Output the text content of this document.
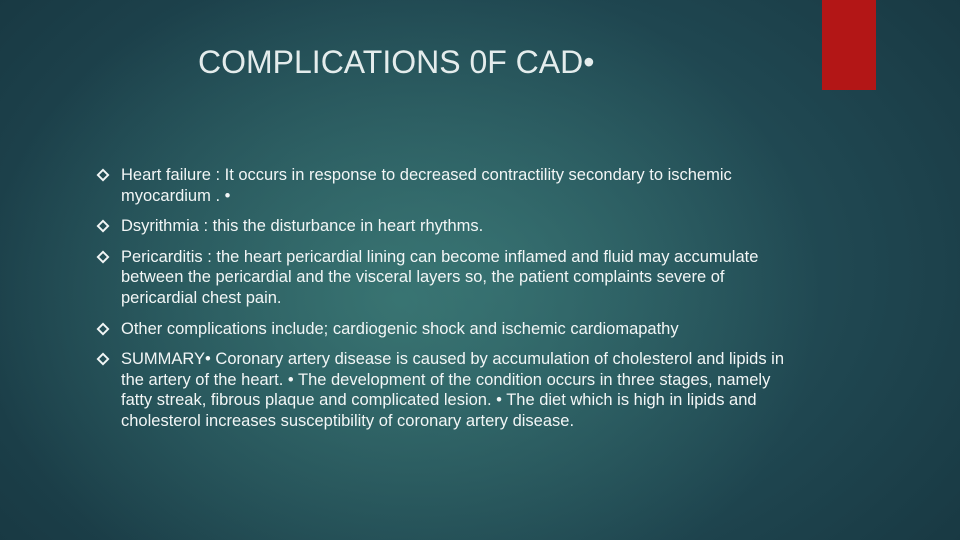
COMPLICATIONS 0F CAD•
Heart failure : It occurs in response to decreased contractility secondary to ischemic myocardium . •
Dsyrithmia : this the disturbance in heart rhythms.
Pericarditis : the heart pericardial lining can become inflamed and fluid may accumulate between the pericardial and the visceral layers so, the patient complaints severe of pericardial chest pain.
Other complications include; cardiogenic shock and ischemic cardiomapathy
SUMMARY• Coronary artery disease is caused by accumulation of cholesterol and lipids in the artery of the heart. • The development of the condition occurs in three stages, namely fatty streak, fibrous plaque and complicated lesion. • The diet which is high in lipids and cholesterol increases susceptibility of coronary artery disease.
